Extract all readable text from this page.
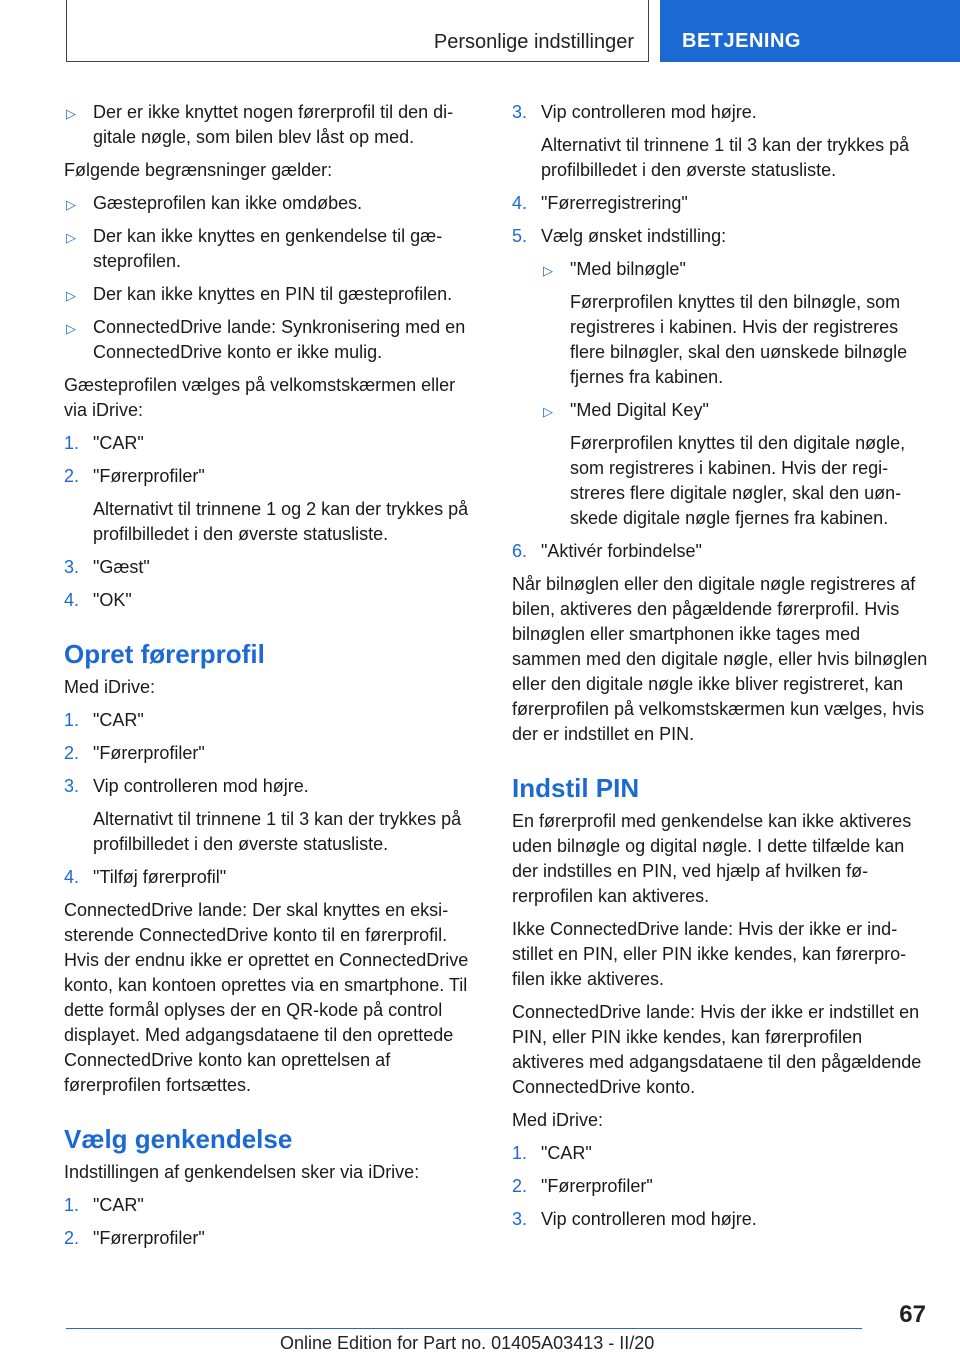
Personlige indstillinger BETJENING
▷ Der er ikke knyttet nogen førerprofil til den digitale nøgle, som bilen blev låst op med.

Følgende begrænsninger gælder:

▷ Gæsteprofilen kan ikke omdøbes.
▷ Der kan ikke knyttes en genkendelse til gæsteprofilen.
▷ Der kan ikke knyttes en PIN til gæsteprofilen.
▷ ConnectedDrive lande: Synkronisering med en ConnectedDrive konto er ikke mulig.

Gæsteprofilen vælges på velkomstskærmen eller via iDrive:

1. "CAR"
2. "Førerprofiler"
Alternativt til trinnene 1 og 2 kan der trykkes på profilbilledet i den øverste statusliste.
3. "Gæst"
4. "OK"
Opret førerprofil

Med iDrive:

1. "CAR"
2. "Førerprofiler"
3. Vip controlleren mod højre.
Alternativt til trinnene 1 til 3 kan der trykkes på profilbilledet i den øverste statusliste.
4. "Tilføj førerprofil"

ConnectedDrive lande: Der skal knyttes en eksisterende ConnectedDrive konto til en førerprofil. Hvis der endnu ikke er oprettet en ConnectedDrive konto, kan kontoen oprettes via en smartphone. Til dette formål oplyses der en QR-kode på control displayet. Med adgangsdataene til den oprettede ConnectedDrive konto kan oprettelsen af førerprofilen fortsættes.

Vælg genkendelse

Indstillingen af genkendelsen sker via iDrive:

1. "CAR"
2. "Førerprofiler"
3. Vip controlleren mod højre.
Alternativt til trinnene 1 til 3 kan der trykkes på profilbilledet i den øverste statusliste.
4. "Førerregistrering"
5. Vælg ønsket indstilling:
▷ "Med bilnøgle"
Førerprofilen knyttes til den bilnøgle, som registreres i kabinen. Hvis der registreres flere bilnøgler, skal den uønskede bilnøgle fjernes fra kabinen.
▷ "Med Digital Key"
Førerprofilen knyttes til den digitale nøgle, som registreres i kabinen. Hvis der registreres flere digitale nøgler, skal den uønskede digitale nøgle fjernes fra kabinen.
6. "Aktivér forbindelse"

Når bilnøglen eller den digitale nøgle registreres af bilen, aktiveres den pågældende førerprofil. Hvis bilnøglen eller smartphonen ikke tages med sammen med den digitale nøgle, eller hvis bilnøglen eller den digitale nøgle ikke bliver registreret, kan førerprofilen på velkomstskærmen kun vælges, hvis der er indstillet en PIN.

Indstil PIN

En førerprofil med genkendelse kan ikke aktiveres uden bilnøgle og digital nøgle. I dette tilfælde kan der indstilles en PIN, ved hjælp af hvilken førerprofilen kan aktiveres.

Ikke ConnectedDrive lande: Hvis der ikke er indstillet en PIN, eller PIN ikke kendes, kan førerprofilen ikke aktiveres.

ConnectedDrive lande: Hvis der ikke er indstillet en PIN, eller PIN ikke kendes, kan førerprofilen aktiveres med adgangsdataene til den pågældende ConnectedDrive konto.

Med iDrive:

1. "CAR"
2. "Førerprofiler"
3. Vip controlleren mod højre.
67
Online Edition for Part no. 01405A03413 - II/20
